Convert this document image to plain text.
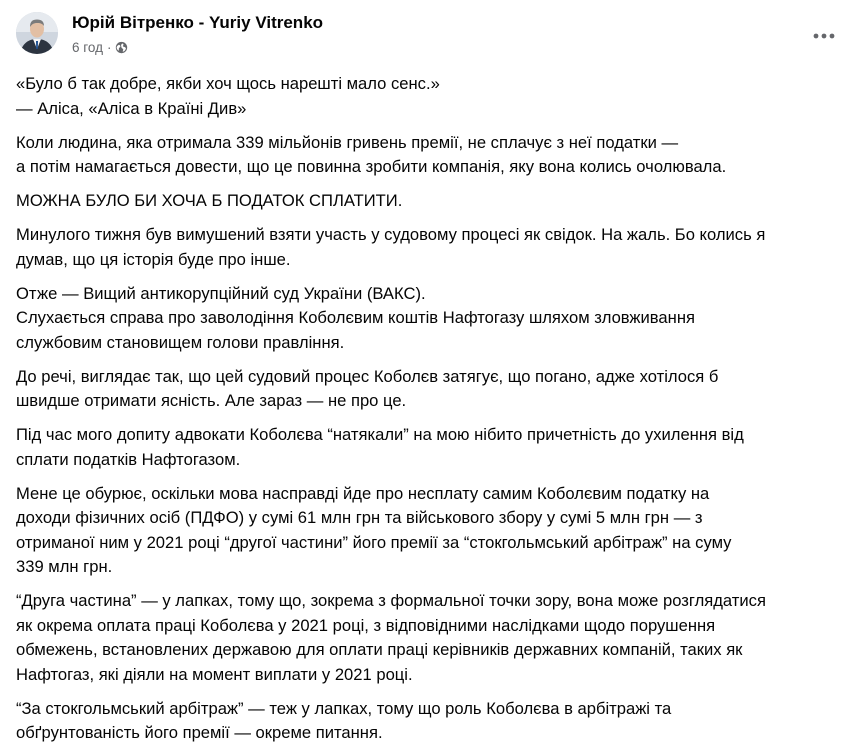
Юрій Вітренко - Yuriy Vitrenko
6 год ·

«Було б так добре, якби хоч щось нарешті мало сенс.»
— Аліса, «Аліса в Країні Див»

Коли людина, яка отримала 339 мільйонів гривень премії, не сплачує з неї податки —
а потім намагається довести, що це повинна зробити компанія, яку вона колись очолювала.

МОЖНА БУЛО БИ ХОЧА Б ПОДАТОК СПЛАТИТИ.

Минулого тижня був вимушений взяти участь у судовому процесі як свідок. На жаль. Бо колись я
думав, що ця історія буде про інше.

Отже — Вищий антикорупційний суд України (ВАКС).
Слухається справа про заволодіння Коболєвим коштів Нафтогазу шляхом зловживання
службовим становищем голови правління.

До речі, виглядає так, що цей судовий процес Коболєв затягує, що погано, адже хотілося б
швидше отримати ясність. Але зараз — не про це.

Під час мого допиту адвокати Коболєва “натякали” на мою нібито причетність до ухилення від
сплати податків Нафтогазом.

Мене це обурює, оскільки мова насправді йде про несплату самим Коболєвим податку на
доходи фізичних осіб (ПДФО) у сумі 61 млн грн та військового збору у сумі 5 млн грн — з
отриманої ним у 2021 році “другої частини” його премії за “стокгольмський арбітраж” на суму
339 млн грн.

“Друга частина” — у лапках, тому що, зокрема з формальної точки зору, вона може розглядатися
як окрема оплата праці Коболєва у 2021 році, з відповідними наслідками щодо порушення
обмежень, встановлених державою для оплати праці керівників державних компаній, таких як
Нафтогаз, які діяли на момент виплати у 2021 році.

“За стокгольмський арбітраж” — теж у лапках, тому що роль Коболєва в арбітражі та
обґрунтованість його премії — окреме питання.
